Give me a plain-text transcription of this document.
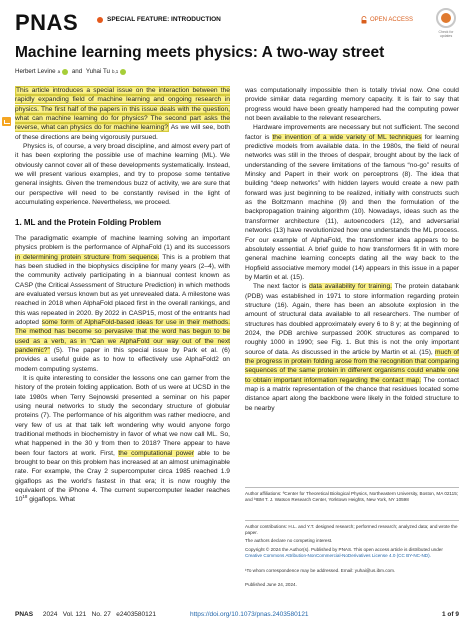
PNAS	SPECIAL FEATURE: INTRODUCTION	OPEN ACCESS
Check for updates
Machine learning meets physics: A two-way street
Herbert Levine a and Yuhai Tu b,1

This article introduces a special issue on the interaction between the rapidly expanding field of machine learning and ongoing research in physics. The first half of the papers in this issue deals with the question, what can machine learning do for physics? The second part asks the reverse, what can physics do for machine learning? As we will see, both of these directions are being vigorously pursued.

Physics is, of course, a very broad discipline, and almost every part of it has been exploring the possible use of machine learning (ML). We obviously cannot cover all of these developments systematically. Instead, we will present various examples, and try to propose some tentative general insights. Given the tremendous buzz of activity, we are sure that our perspective will need to be constantly revised in the light of accumulating experience. Nevertheless, we proceed.

1. ML and the Protein Folding Problem

The paradigmatic example of machine learning solving an important physics problem is the performance of AlphaFold (1) and its successors in determining protein structure from sequence. This is a problem that has been studied in the biophysics discipline for many years (2–4), with the community actively participating in a biannual contest known as CASP (the Critical Assessment of Structure Prediction) in which methods are evaluated versus known but as yet unrevealed data. A milestone was reached in 2018 when AlphaFold placed first in the overall rankings, and this was repeated in 2020. By 2022 in CASP15, most of the entrants had adopted some form of AlphaFold-based ideas for use in their methods. The method has become so pervasive that the word has begun to be used as a verb, as in “Can we AlphaFold our way out of the next pandemic?” (5). The paper in this special issue by Park et al. (6) provides a useful guide as to how to effectively use AlphaFold2 on modern computing systems.

It is quite interesting to consider the lessons one can garner from the history of the protein folding application. Both of us were at UCSD in the late 1980s when Terry Sejnowski presented a seminar on his paper using neural networks to study the secondary structure of globular proteins (7). The performance of his algorithm was rather mediocre, and very few of us at that talk left wondering why would anyone forgo traditional methods in biochemistry in favor of what we now call ML. So, what happened in the 30 y from then to 2018? There appear to have been four factors at work. First, the computational power able to be brought to bear on this problem has increased at an almost unimaginable rate. For example, the Cray 2 supercomputer circa 1985 reached 1.9 gigaflops as the world’s fastest in that era; it is now roughly the equivalent of the iPhone 4. The current supercomputer leader reaches $10^{18}$ gigaflops. What

was computationally impossible then is totally trivial now. One could provide similar data regarding memory capacity. It is fair to say that progress would have been greatly hampered had the computing power not been available to the relevant researchers.

Hardware improvements are necessary but not sufficient. The second factor is the invention of a wide variety of ML techniques for learning predictive models from available data. In the 1980s, the field of neural networks was still in the throes of despair, brought about by the lack of understanding of the severe limitations of the famous “no-go” results of Minsky and Papert in their work on perceptrons (8). The idea that building “deep networks” with hidden layers would create a new path forward was just beginning to be realized, initially with constructs such as the Boltzmann machine (9) and then the formulation of the backpropagation training algorithm (10). Nowadays, ideas such as the transformer architecture (11), autoencoders (12), and adversarial networks (13) have revolutionized how one understands the ML process. For our example of AlphaFold, the transformer idea appears to be absolutely essential. A brief guide to how transformers fit in with more general machine learning concepts dating all the way back to the Hopfield associative memory model (14) appears in this issue in a paper by Martin et al. (15).

The next factor is data availability for training. The protein databank (PDB) was established in 1971 to store information regarding protein structure (16). Again, there has been an absolute explosion in the amount of structural data available to all researchers. The number of structures has doubled approximately every 6 to 8 y; at the beginning of 2024, the PDB archive surpassed 200K structures as compared to roughly 1000 in 1990; see Fig. 1. But this is not the only important source of data. As discussed in the article by Martin et al. (15), much of the progress in protein folding arose from the recognition that comparing sequences of the same protein in different organisms could enable one to obtain important information regarding the contact map. The contact map is a matrix representation of the chance that residues located some distance apart along the backbone were likely in the folded structure to be nearby

Author affiliations: ªCenter for Theoretical Biological Physics, Northeastern University, Boston, MA 02115; and ᵇIBM T. J. Watson Research Center, Yorktown Heights, New York, NY 10598
Author contributions: H.L. and Y.T. designed research; performed research; analyzed data; and wrote the paper.
The authors declare no competing interest.
Copyright © 2024 the Author(s). Published by PNAS. This open access article is distributed under Creative Commons Attribution-NonCommercial-NoDerivatives License 4.0 (CC BY-NC-ND).
¹To whom correspondence may be addressed. Email: yuhai@us.ibm.com.
Published June 24, 2024.
PNAS 2024   Vol. 121   No. 27   e2403580121	https://doi.org/10.1073/pnas.2403580121	1 of 9
